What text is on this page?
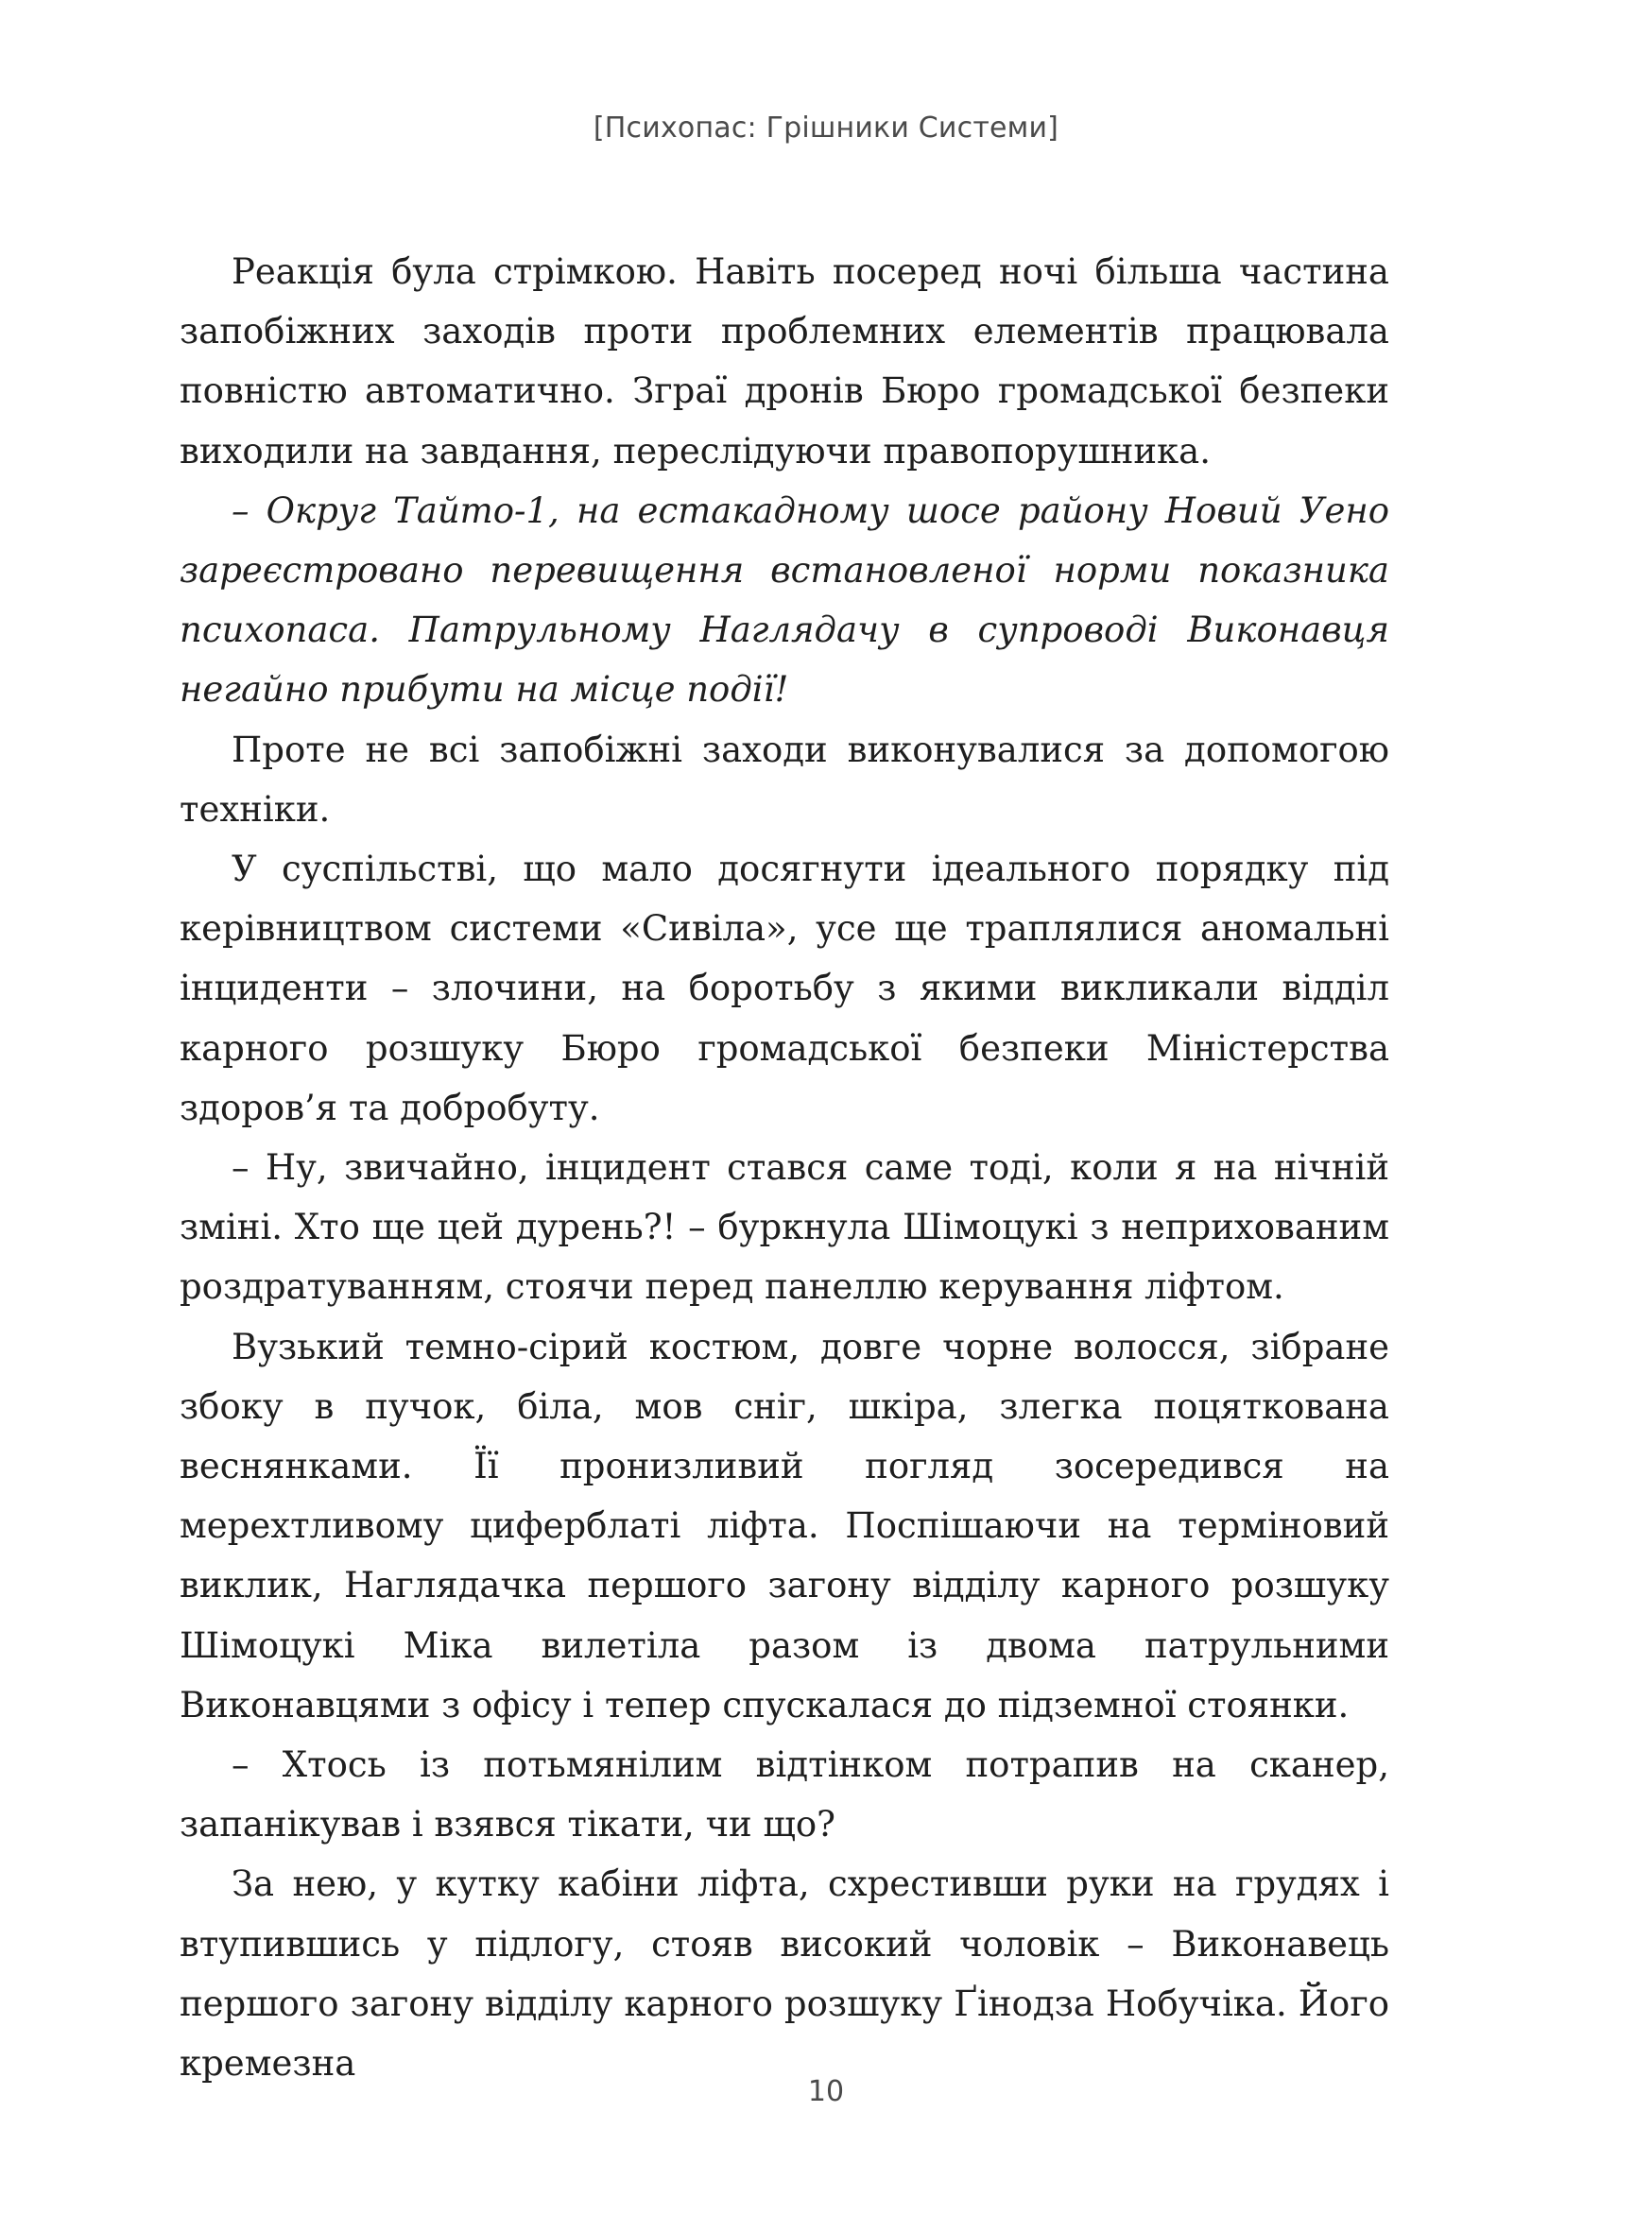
[Психопас: Грішники Системи]

Реакція була стрімкою. Навіть посеред ночі більша частина запобіжних заходів проти проблемних елементів працювала повністю автоматично. Зграї дронів Бюро громадської безпеки виходили на завдання, переслідуючи правопорушника.

– Округ Тайто-1, на естакадному шосе району Новий Уено зареєстровано перевищення встановленої норми показника психопаса. Патрульному Наглядачу в супроводі Виконавця негайно прибути на місце події!

Проте не всі запобіжні заходи виконувалися за допомогою техніки.

У суспільстві, що мало досягнути ідеального порядку під керівництвом системи «Сивіла», усе ще траплялися аномальні інциденти – злочини, на боротьбу з якими викликали відділ карного розшуку Бюро громадської безпеки Міністерства здоров’я та добробуту.

– Ну, звичайно, інцидент стався саме тоді, коли я на нічній зміні. Хто ще цей дурень?! – буркнула Шімоцукі з неприхованим роздратуванням, стоячи перед панеллю керування ліфтом.

Вузький темно-сірий костюм, довге чорне волосся, зібране збоку в пучок, біла, мов сніг, шкіра, злегка поцяткована веснянками. Її пронизливий погляд зосередився на мерехтливому циферблаті ліфта. Поспішаючи на терміновий виклик, Наглядачка першого загону відділу карного розшуку Шімоцукі Міка вилетіла разом із двома патрульними Виконавцями з офісу і тепер спускалася до підземної стоянки.

– Хтось із потьмянілим відтінком потрапив на сканер, запанікував і взявся тікати, чи що?

За нею, у кутку кабіни ліфта, схрестивши руки на грудях і втупившись у підлогу, стояв високий чоловік – Виконавець першого загону відділу карного розшуку Ґінодза Нобучіка. Його кремезна

10
